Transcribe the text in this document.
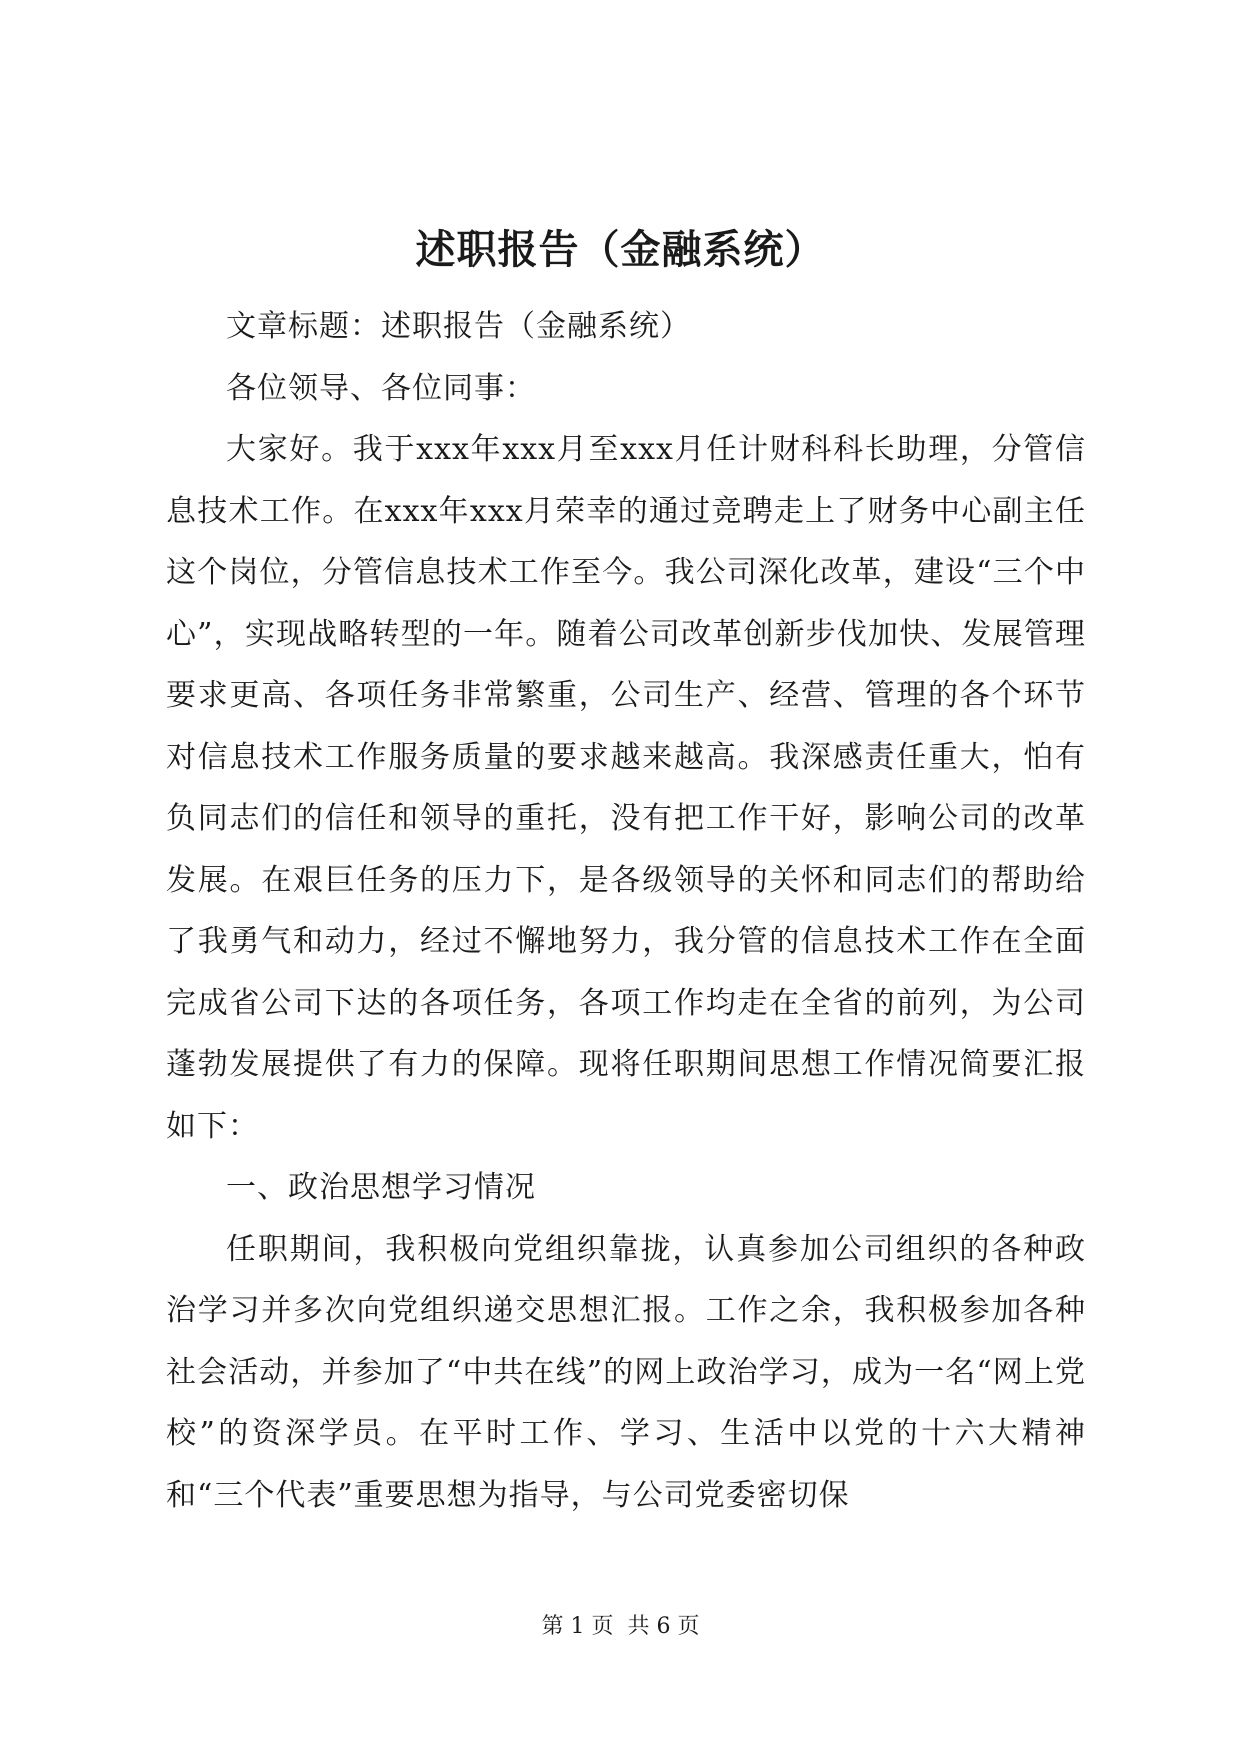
述职报告（金融系统）

文章标题：述职报告（金融系统）

各位领导、各位同事：

大家好。我于xxx年xxx月至xxx月任计财科科长助理，分管信息技术工作。在xxx年xxx月荣幸的通过竞聘走上了财务中心副主任这个岗位，分管信息技术工作至今。我公司深化改革，建设“三个中心”，实现战略转型的一年。随着公司改革创新步伐加快、发展管理要求更高、各项任务非常繁重，公司生产、经营、管理的各个环节对信息技术工作服务质量的要求越来越高。我深感责任重大，怕有负同志们的信任和领导的重托，没有把工作干好，影响公司的改革发展。在艰巨任务的压力下，是各级领导的关怀和同志们的帮助给了我勇气和动力，经过不懈地努力，我分管的信息技术工作在全面完成省公司下达的各项任务，各项工作均走在全省的前列，为公司蓬勃发展提供了有力的保障。现将任职期间思想工作情况简要汇报如下：

一、政治思想学习情况

任职期间，我积极向党组织靠拢，认真参加公司组织的各种政治学习并多次向党组织递交思想汇报。工作之余，我积极参加各种社会活动，并参加了“中共在线”的网上政治学习，成为一名“网上党校”的资深学员。在平时工作、学习、生活中以党的十六大精神和“三个代表”重要思想为指导，与公司党委密切保

第 1 页  共 6 页
